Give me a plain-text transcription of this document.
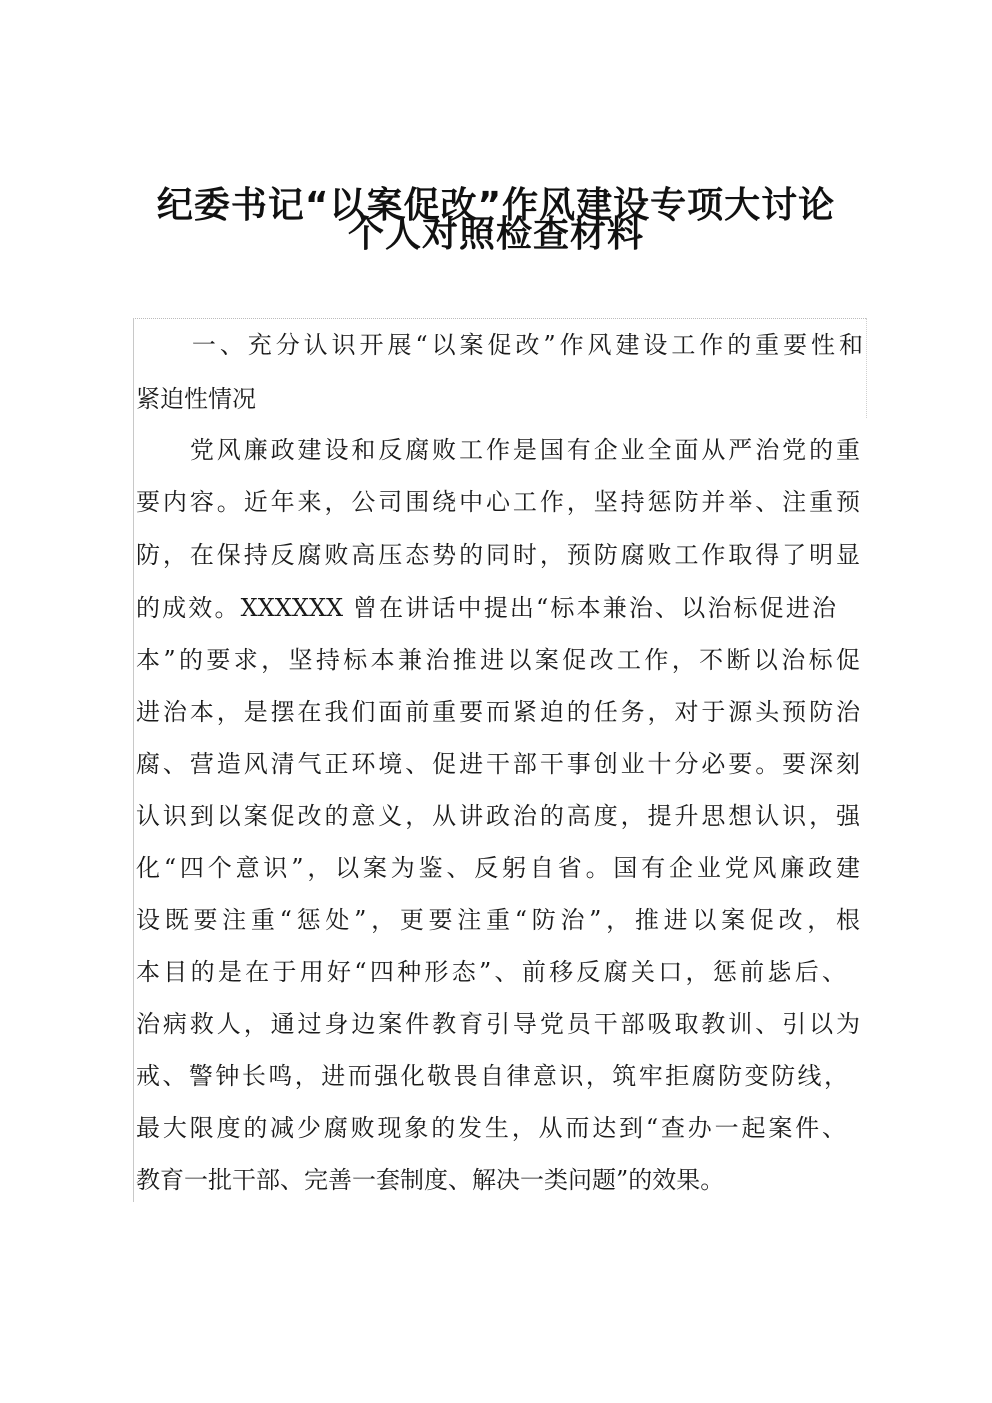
纪委书记“以案促改”作风建设专项大讨论
个人对照检查材料
　　一、充分认识开展“以案促改”作风建设工作的重要性和
紧迫性情况
　　党风廉政建设和反腐败工作是国有企业全面从严治党的重
要内容。近年来，公司围绕中心工作，坚持惩防并举、注重预
防，在保持反腐败高压态势的同时，预防腐败工作取得了明显
的成效。XXXXXX 曾在讲话中提出“标本兼治、以治标促进治
本”的要求，坚持标本兼治推进以案促改工作，不断以治标促
进治本，是摆在我们面前重要而紧迫的任务，对于源头预防治
腐、营造风清气正环境、促进干部干事创业十分必要。要深刻
认识到以案促改的意义，从讲政治的高度，提升思想认识，强
化“四个意识”，以案为鉴、反躬自省。国有企业党风廉政建
设既要注重“惩处”，更要注重“防治”，推进以案促改，根
本目的是在于用好“四种形态”、前移反腐关口，惩前毖后、
治病救人，通过身边案件教育引导党员干部吸取教训、引以为
戒、警钟长鸣，进而强化敬畏自律意识，筑牢拒腐防变防线，
最大限度的减少腐败现象的发生，从而达到“查办一起案件、
教育一批干部、完善一套制度、解决一类问题”的效果。
